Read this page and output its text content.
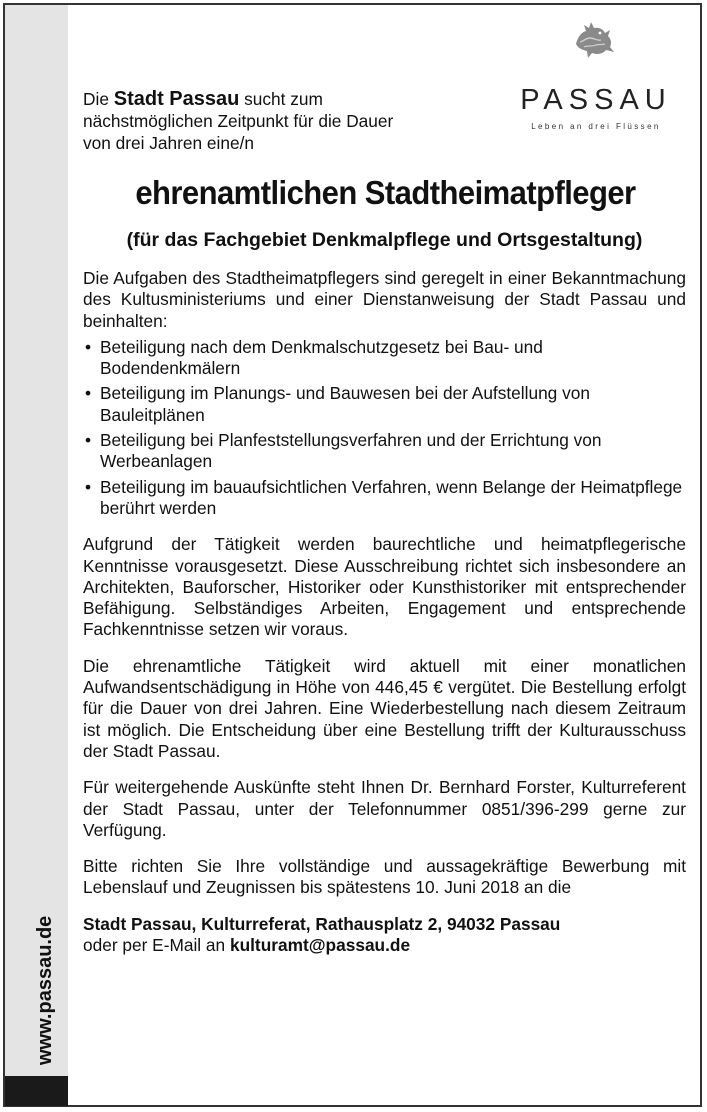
www.passau.de
PASSAU
Leben an drei Flüssen
Die Stadt Passau sucht zum
nächstmöglichen Zeitpunkt für die Dauer
von drei Jahren eine/n
ehrenamtlichen Stadtheimatpfleger
(für das Fachgebiet Denkmalpflege und Ortsgestaltung)

Die Aufgaben des Stadtheimatpflegers sind geregelt in einer Bekanntmachung des Kultusministeriums und einer Dienstanweisung der Stadt Passau und beinhalten:

• Beteiligung nach dem Denkmalschutzgesetz bei Bau- und Bodendenkmälern
• Beteiligung im Planungs- und Bauwesen bei der Aufstellung von Bauleitplänen
• Beteiligung bei Planfeststellungsverfahren und der Errichtung von Werbeanlagen
• Beteiligung im bauaufsichtlichen Verfahren, wenn Belange der Heimatpflege berührt werden

Aufgrund der Tätigkeit werden baurechtliche und heimatpflegerische Kenntnisse vorausgesetzt. Diese Ausschreibung richtet sich insbesondere an Architekten, Bauforscher, Historiker oder Kunsthistoriker mit entsprechender Befähigung. Selbständiges Arbeiten, Engagement und entsprechende Fachkenntnisse setzen wir voraus.

Die ehrenamtliche Tätigkeit wird aktuell mit einer monatlichen Aufwandsentschädigung in Höhe von 446,45 € vergütet. Die Bestellung erfolgt für die Dauer von drei Jahren. Eine Wiederbestellung nach diesem Zeitraum ist möglich. Die Entscheidung über eine Bestellung trifft der Kulturausschuss der Stadt Passau.

Für weitergehende Auskünfte steht Ihnen Dr. Bernhard Forster, Kulturreferent der Stadt Passau, unter der Telefonnummer 0851/396-299 gerne zur Verfügung.

Bitte richten Sie Ihre vollständige und aussagekräftige Bewerbung mit Lebenslauf und Zeugnissen bis spätestens 10. Juni 2018 an die

Stadt Passau, Kulturreferat, Rathausplatz 2, 94032 Passau
oder per E-Mail an kulturamt@passau.de
